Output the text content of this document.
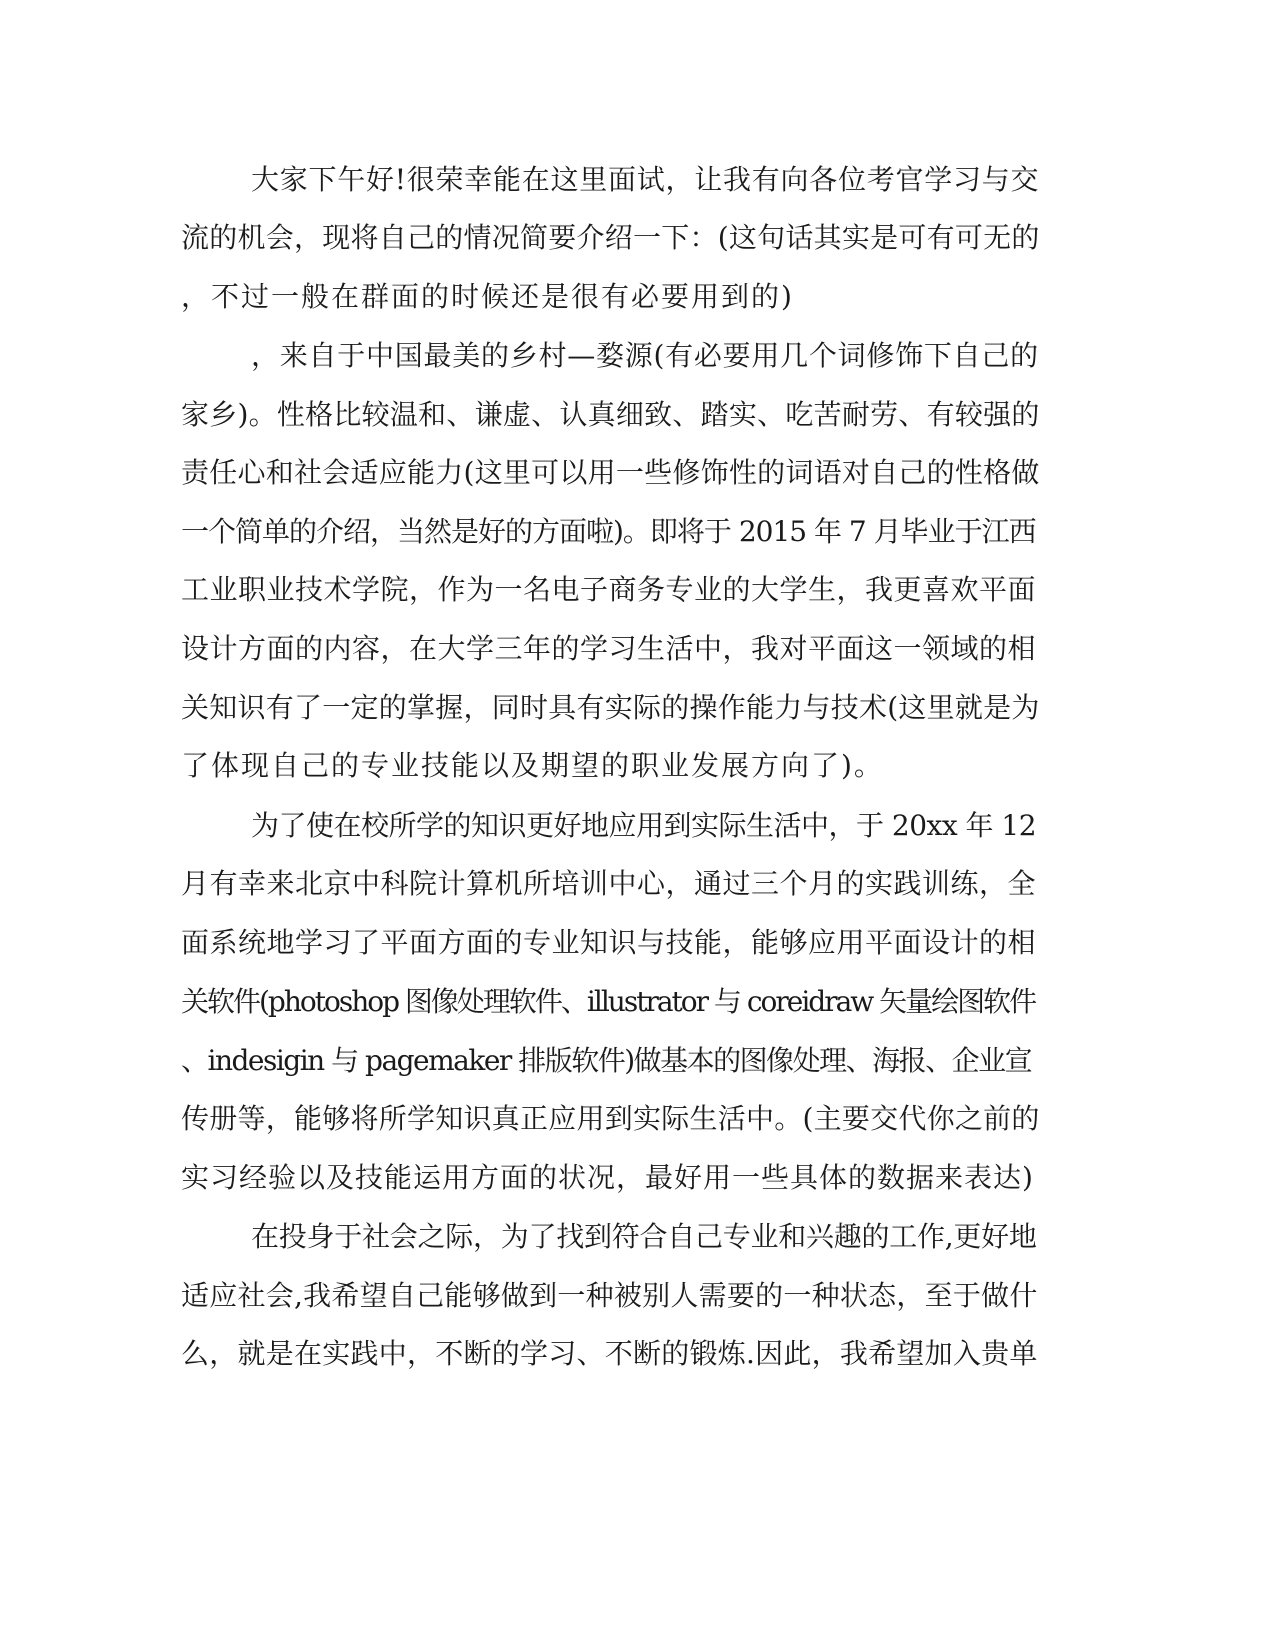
大家下午好!很荣幸能在这里面试，让我有向各位考官学习与交
流的机会，现将自己的情况简要介绍一下：(这句话其实是可有可无的
，不过一般在群面的时候还是很有必要用到的)
，来自于中国最美的乡村—婺源(有必要用几个词修饰下自己的
家乡)。性格比较温和、谦虚、认真细致、踏实、吃苦耐劳、有较强的
责任心和社会适应能力(这里可以用一些修饰性的词语对自己的性格做
一个简单的介绍，当然是好的方面啦)。即将于 2015 年 7 月毕业于江西
工业职业技术学院，作为一名电子商务专业的大学生，我更喜欢平面
设计方面的内容，在大学三年的学习生活中，我对平面这一领域的相
关知识有了一定的掌握，同时具有实际的操作能力与技术(这里就是为
了体现自己的专业技能以及期望的职业发展方向了)。
为了使在校所学的知识更好地应用到实际生活中，于 20xx 年 12
月有幸来北京中科院计算机所培训中心，通过三个月的实践训练，全
面系统地学习了平面方面的专业知识与技能，能够应用平面设计的相
关软件(photoshop 图像处理软件、illustrator 与 coreidraw 矢量绘图软件
、indesigin 与 pagemaker 排版软件)做基本的图像处理、海报、企业宣
传册等，能够将所学知识真正应用到实际生活中。(主要交代你之前的
实习经验以及技能运用方面的状况，最好用一些具体的数据来表达)
在投身于社会之际，为了找到符合自己专业和兴趣的工作,更好地
适应社会,我希望自己能够做到一种被别人需要的一种状态，至于做什
么，就是在实践中，不断的学习、不断的锻炼.因此，我希望加入贵单
